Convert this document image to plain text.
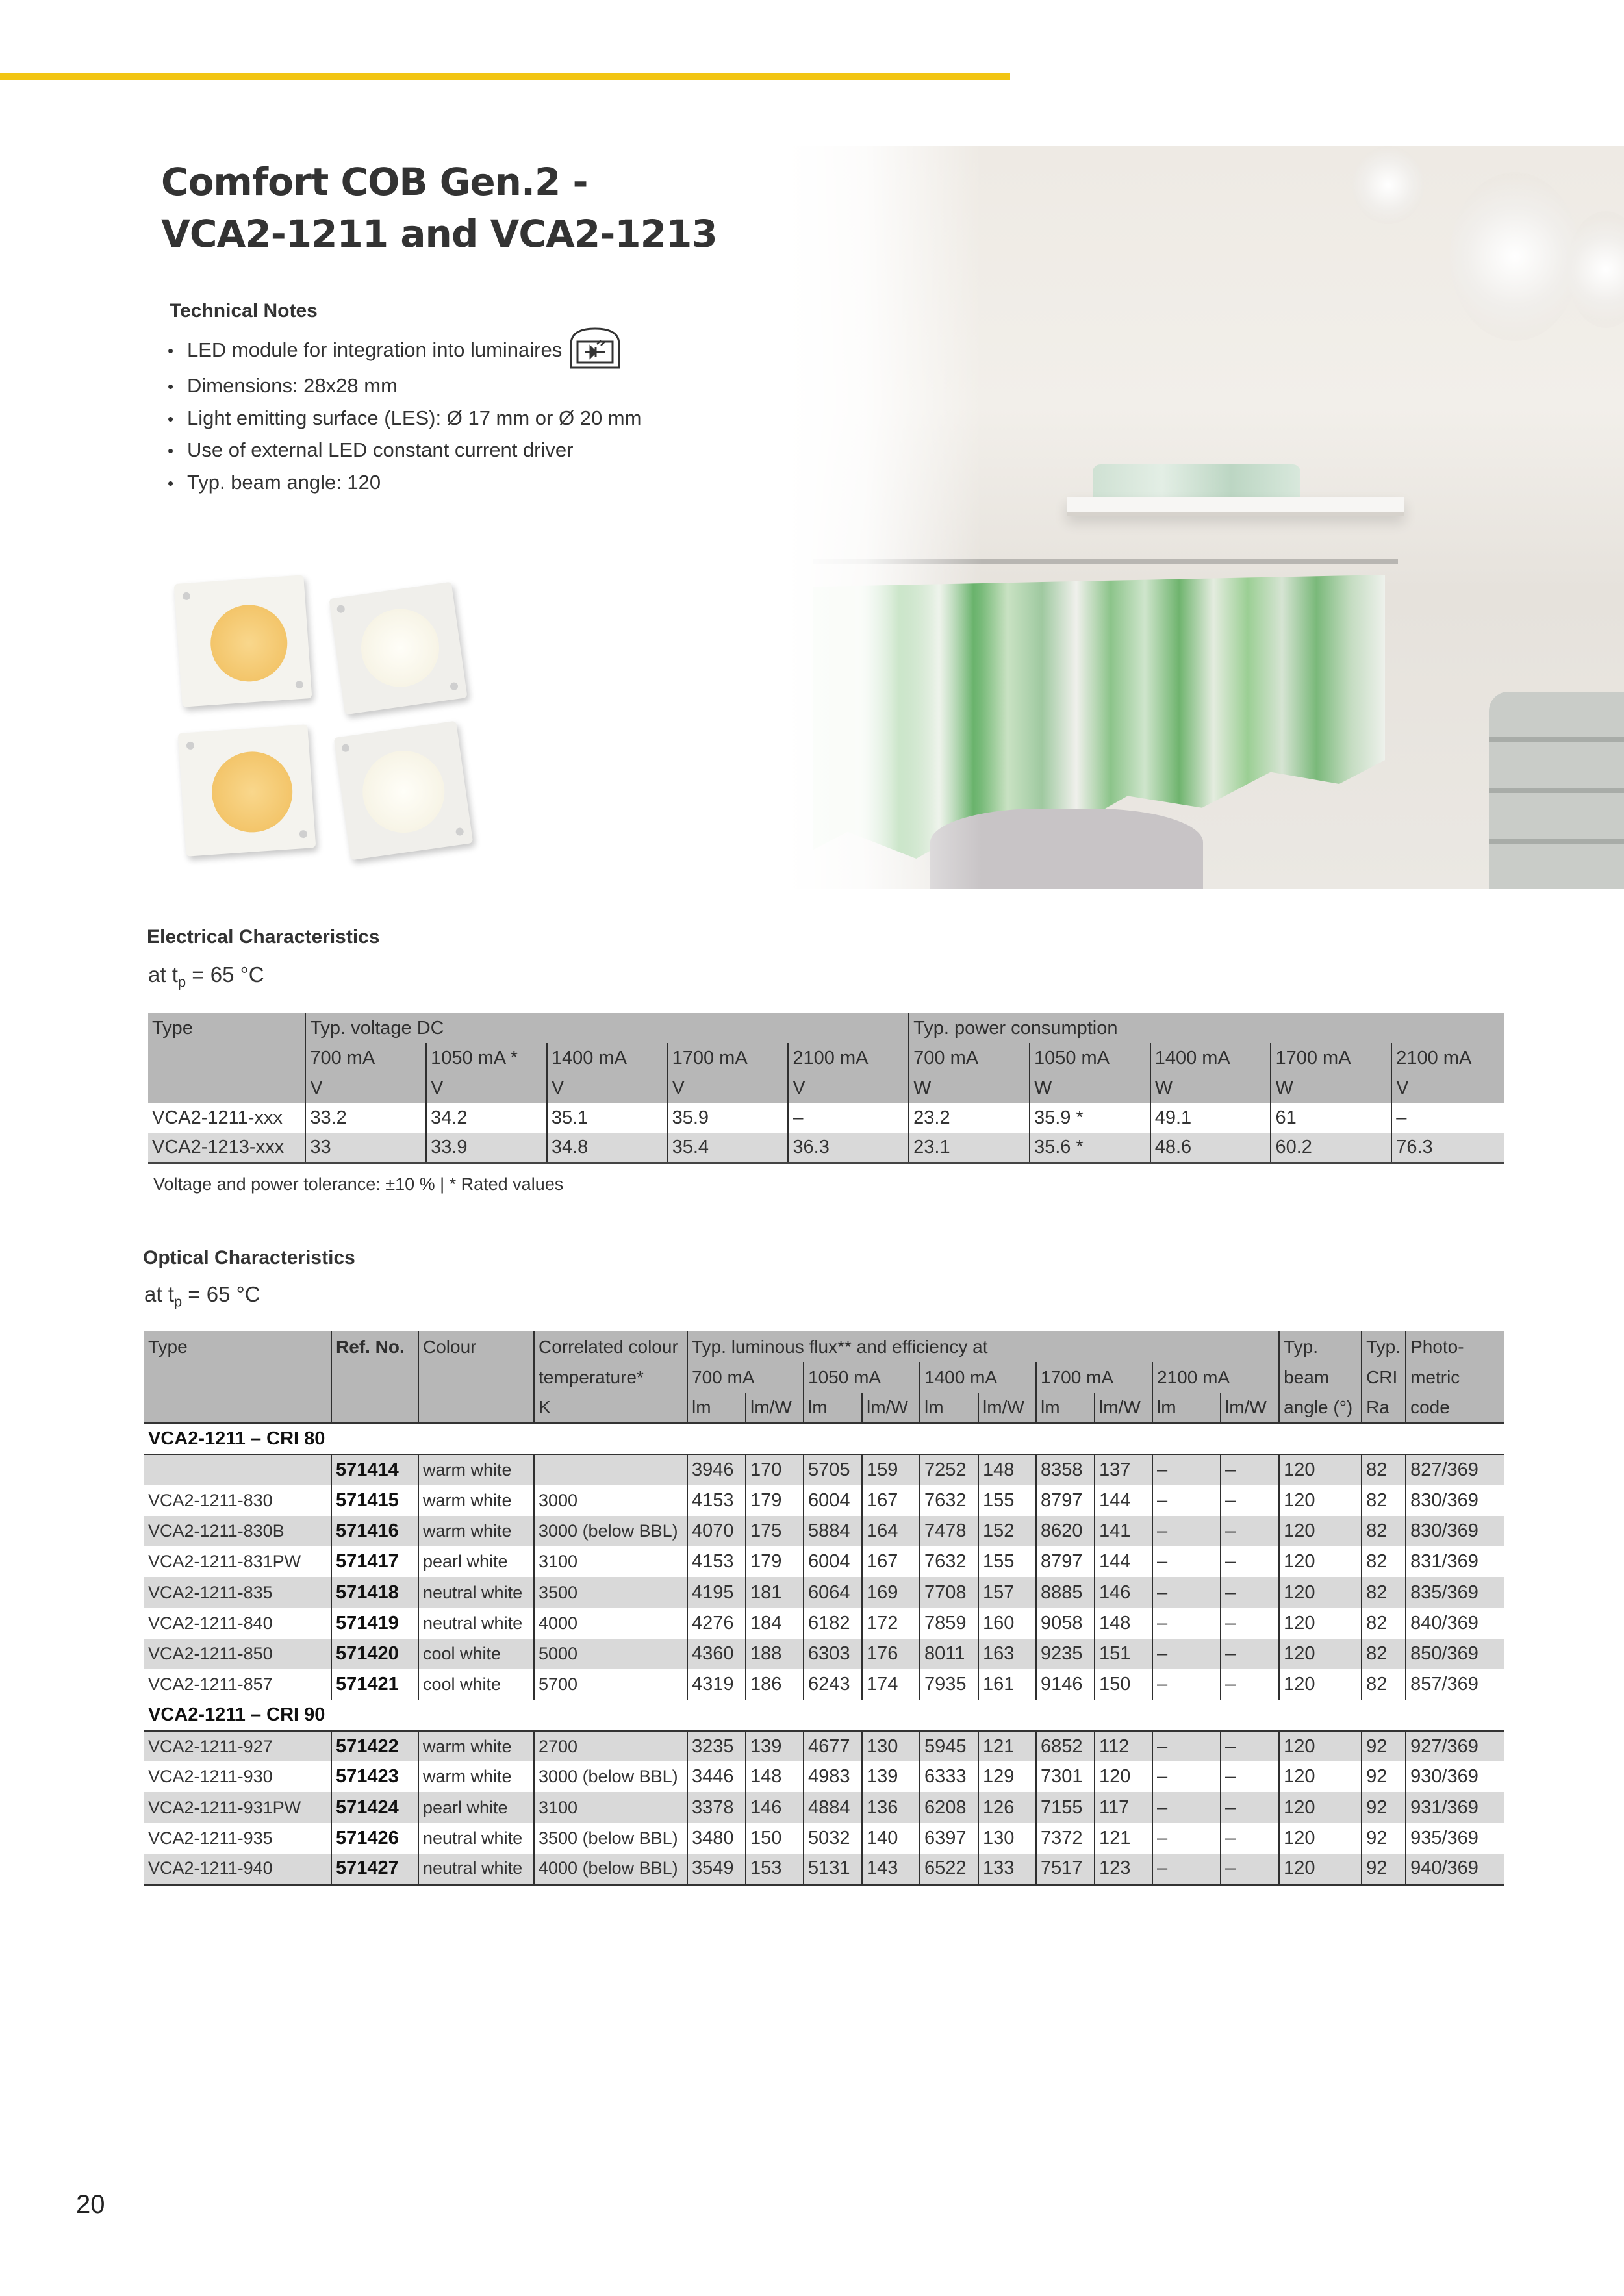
Comfort COB Gen.2 -
VCA2-1211 and VCA2-1213
Technical Notes
• LED module for integration into luminaires
• Dimensions: 28x28 mm
• Light emitting surface (LES): Ø 17 mm or Ø 20 mm
• Use of external LED constant current driver
• Typ. beam angle: 120
Electrical Characteristics
at $t_p = 65$ °C
Type	Typ. voltage DC					Typ. power consumption				
	700 mA	1050 mA *	1400 mA	1700 mA	2100 mA	700 mA	1050 mA	1400 mA	1700 mA	2100 mA
	V	V	V	V	V	W	W	W	W	V
VCA2-1211-xxx	33.2	34.2	35.1	35.9	–	23.2	35.9 *	49.1	61	–
VCA2-1213-xxx	33	33.9	34.8	35.4	36.3	23.1	35.6 *	48.6	60.2	76.3
Voltage and power tolerance: ±10 % | * Rated values
Optical Characteristics
at $t_p = 65$ °C
Type	Ref. No.	Colour	Correlated colour	Typ. luminous flux** and efficiency at										Typ.	Typ.	Photo-
			temperature*	700 mA		1050 mA		1400 mA		1700 mA		2100 mA		beam	CRI	metric
			K	lm	lm/W	lm	lm/W	lm	lm/W	lm	lm/W	lm	lm/W	angle (°)	Ra	code
VCA2-1211 – CRI 80																
	571414	warm white		3946	170	5705	159	7252	148	8358	137	–	–	120	82	827/369
VCA2-1211-830	571415	warm white	3000	4153	179	6004	167	7632	155	8797	144	–	–	120	82	830/369
VCA2-1211-830B	571416	warm white	3000 (below BBL)	4070	175	5884	164	7478	152	8620	141	–	–	120	82	830/369
VCA2-1211-831PW	571417	pearl white	3100	4153	179	6004	167	7632	155	8797	144	–	–	120	82	831/369
VCA2-1211-835	571418	neutral white	3500	4195	181	6064	169	7708	157	8885	146	–	–	120	82	835/369
VCA2-1211-840	571419	neutral white	4000	4276	184	6182	172	7859	160	9058	148	–	–	120	82	840/369
VCA2-1211-850	571420	cool white	5000	4360	188	6303	176	8011	163	9235	151	–	–	120	82	850/369
VCA2-1211-857	571421	cool white	5700	4319	186	6243	174	7935	161	9146	150	–	–	120	82	857/369
VCA2-1211 – CRI 90																
VCA2-1211-927	571422	warm white	2700	3235	139	4677	130	5945	121	6852	112	–	–	120	92	927/369
VCA2-1211-930	571423	warm white	3000 (below BBL)	3446	148	4983	139	6333	129	7301	120	–	–	120	92	930/369
VCA2-1211-931PW	571424	pearl white	3100	3378	146	4884	136	6208	126	7155	117	–	–	120	92	931/369
VCA2-1211-935	571426	neutral white	3500 (below BBL)	3480	150	5032	140	6397	130	7372	121	–	–	120	92	935/369
VCA2-1211-940	571427	neutral white	4000 (below BBL)	3549	153	5131	143	6522	133	7517	123	–	–	120	92	940/369
20
